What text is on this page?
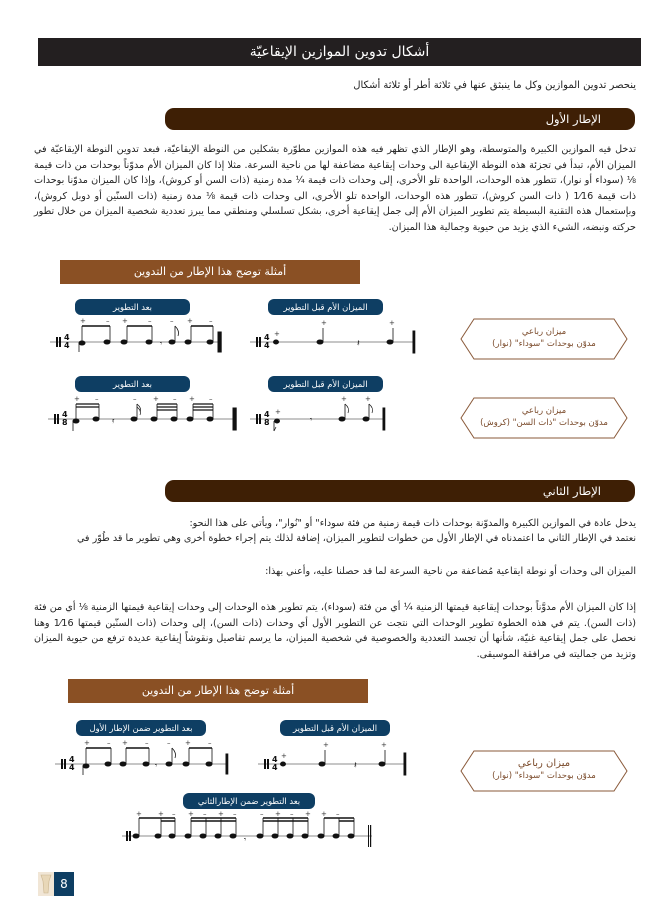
أشكال تدوين الموازين الإيقاعيّة
ينحصر تدوين الموازين وكل ما ينبثق عنها في ثلاثة أطر أو ثلاثة أشكال
الإطار الأول
تدخل فيه الموازين الكبيرة والمتوسطة، وهو الإطار الذي تظهر فيه هذه الموازين مطوّرة بشكلين من النوطة الإيقاعيّة، فبعد تدوين النوطة الإيقاعيّة في الميزان الأم، تبدأ في تجزئة هذه النوطة الإيقاعية الى وحدات إيقاعية مضاعفة لها من ناحية السرعة. مثلا إذا كان الميزان الأم مدوّناً بوحدات من ذات قيمة ⅛ (سوداء أو نوار)، تتطور هذه الوحدات، الواحدة تلو الأخرى، إلى وحدات ذات قيمة ¼ مدة زمنية (ذات السن أو كروش)، وإذا كان الميزان مدوّنا بوحدات ذات قيمة 1⁄16 ( ذات السن كروش)، تتطور هذه الوحدات، الواحدة تلو الأخرى، الى وحدات ذات قيمة ⅛ مدة زمنية (ذات السنّين أو دوبل كروش)، وبإستعمال هذه التقنية البسيطة يتم تطوير الميزان الأم إلى جمل إيقاعية أخرى، بشكل تسلسلي ومنطقي مما يبرز تعددية شخصية الميزان من خلال تطور حركته ونبضه، الشيء الذي يزيد من حيوية وجمالية هذا الميزان.
أمثلة توضح هذا الإطار من التدوين
بعد التطوير	الميزان الأم قبل التطوير
4
4	𝄾
+	– +	–	– + –
4
4	𝄽
+
+	+
ميزان رباعي
مدوّن بوحدات "سوداء" (نوار)
بعد التطوير	الميزان الأم قبل التطوير
4
8	𝄿
+ –	– + – + –
4
8	𝄾
+
+	+
ميزان رباعي
مدوّن بوحدات "ذات السن" (كروش)
الإطار الثاني
يدخل عادة في الموازين الكبيرة والمدوّنة بوحدات ذات قيمة زمنية من فئة سوداء" أو "نُوار"، ويأتي على هذا النحو:
نعتمد في الإطار الثاني ما اعتمدناه في الإطار الأول من خطوات لتطوير الميزان، إضافة لذلك يتم إجراء خطوة أخرى وهي تطوير ما قد طُوّر في
الميزان الى وحدات أو نوطة ايقاعية مُضاعفة من ناحية السرعة لما قد حصلنا عليه، وأعني بهذا:
إذا كان الميزان الأم مدوَّناً بوحدات إيقاعية قيمتها الزمنية ¼ أي من فئة (سوداء)، يتم تطوير هذه الوحدات إلى وحدات إيقاعية قيمتها الزمنية ⅛ أي من فئة (ذات السن). يتم في هذه الخطوة تطوير الوحدات التي نتجت عن التطوير الأول أي وحدات (ذات السن)، إلى وحدات (ذات السنّين قيمتها 1⁄16 وهنا نحصل على جمل إيقاعية غنيّة، شأنها أن تجسد التعددية والخصوصية في شخصية الميزان، ما يرسم تفاصيل ونقوشاً إيقاعية عديدة ترفع من حيوية الميزان وتزيد من جماليته في مرافقة الموسيقى.
أمثلة توضح هذا الإطار من التدوين
بعد التطوير ضمن الإطار الأول	الميزان الأم قبل التطوير
4
4	𝄾
+ – + –	– + –
4
4	𝄽
+
+	+
ميزان رباعي
مدوّن بوحدات "سوداء" (نوار)
بعد التطوير ضمن الإطارالثاني
𝄾
+ + – + – + –	– + – + + –
8
